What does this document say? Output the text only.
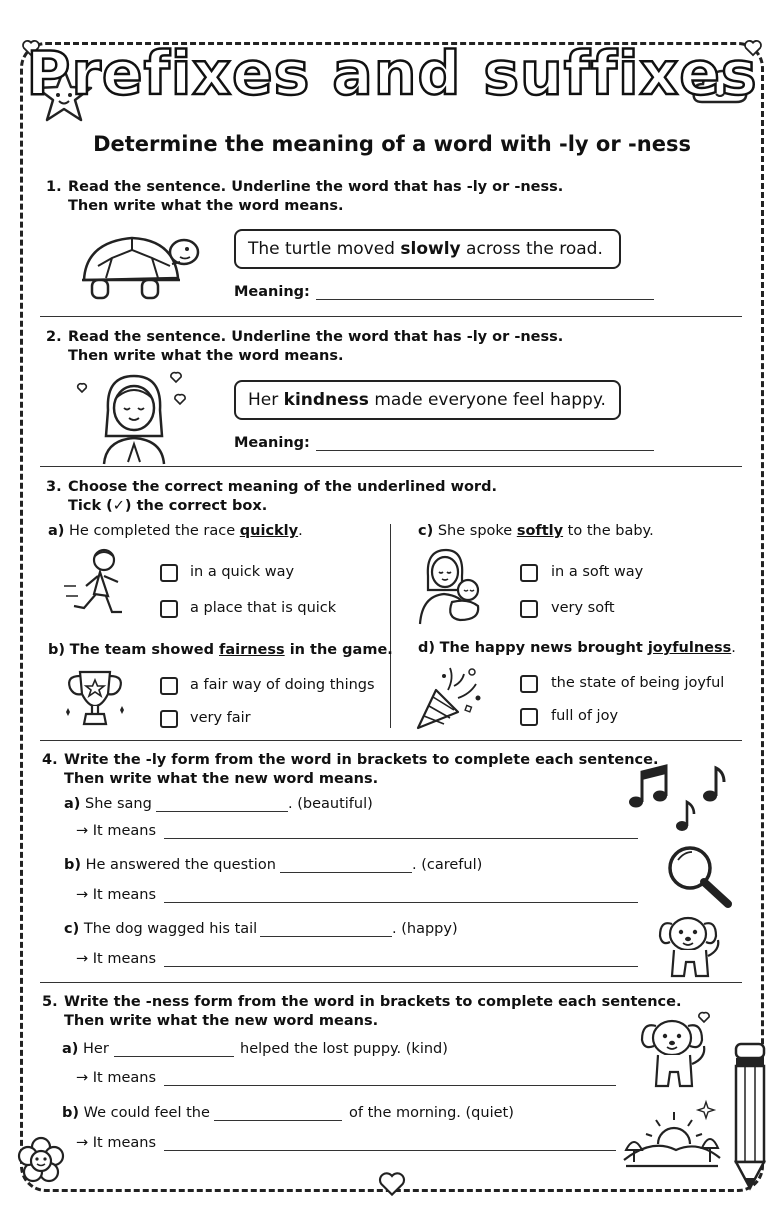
Prefixes and suffixes
Determine the meaning of a word with -ly or -ness
1. Read the sentence. Underline the word that has -ly or -ness.
Then write what the word means.
The turtle moved slowly across the road.
Meaning:
2. Read the sentence. Underline the word that has -ly or -ness.
Then write what the word means.
Her kindness made everyone feel happy.
Meaning:
3. Choose the correct meaning of the underlined word.
Tick (✓) the correct box.
a) He completed the race quickly.
in a quick way
a place that is quick
b) The team showed fairness in the game.
a fair way of doing things
very fair
c) She spoke softly to the baby.
in a soft way
very soft
d) The happy news brought joyfulness.
the state of being joyful
full of joy
4. Write the -ly form from the word in brackets to complete each sentence.
Then write what the new word means.
a) She sang	. (beautiful)
→ It means
b) He answered the question	. (careful)
→ It means
c) The dog wagged his tail	. (happy)
→ It means
5. Write the -ness form from the word in brackets to complete each sentence.
Then write what the new word means.
a) Her	helped the lost puppy. (kind)
→ It means
b) We could feel the	of the morning. (quiet)
→ It means
